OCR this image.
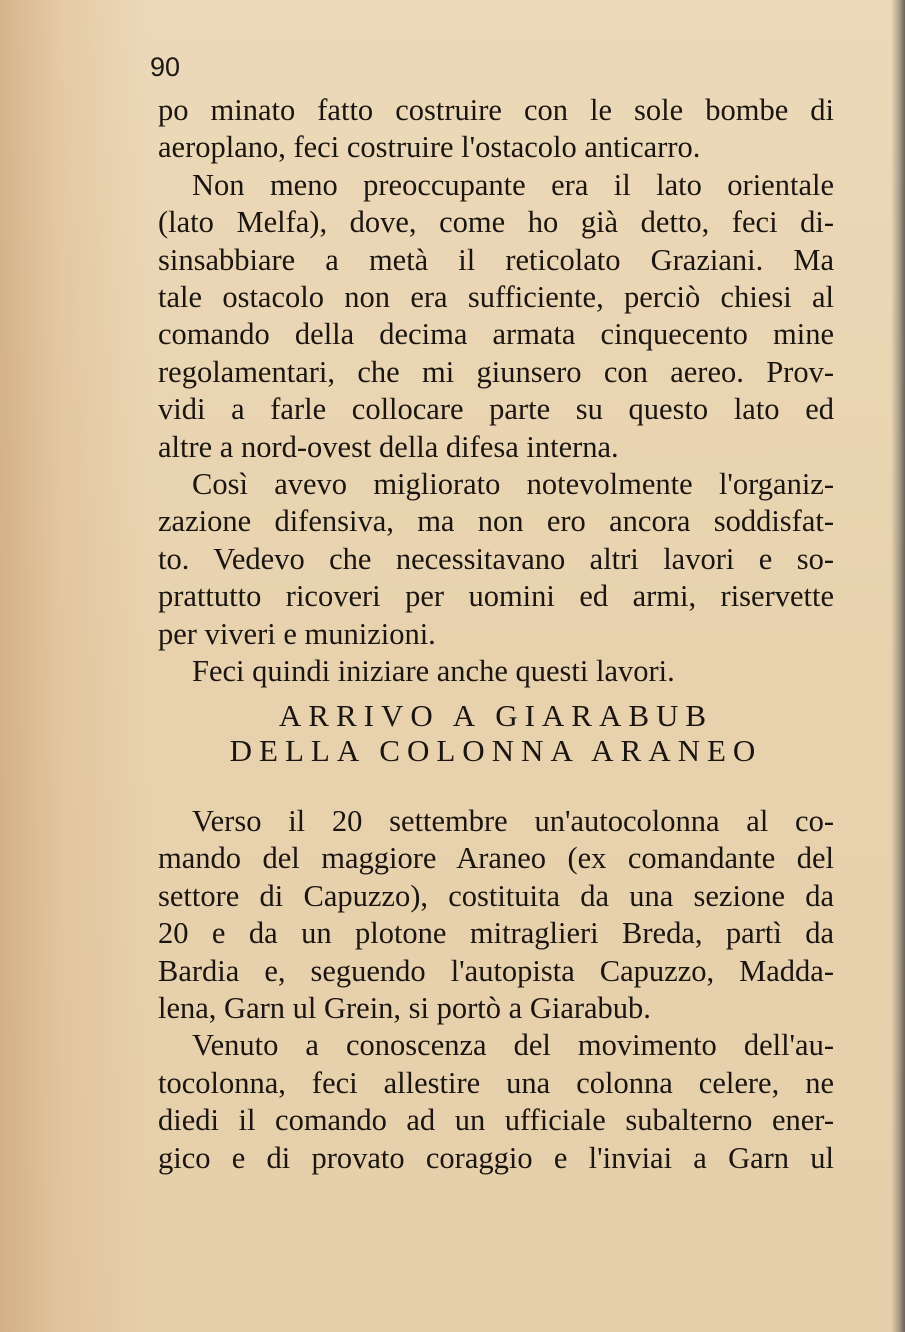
90

po minato fatto costruire con le sole bombe di

aeroplano, feci costruire l'ostacolo anticarro.

Non meno preoccupante era il lato orientale

(lato Melfa), dove, come ho già detto, feci di-

sinsabbiare a metà il reticolato Graziani. Ma

tale ostacolo non era sufficiente, perciò chiesi al

comando della decima armata cinquecento mine

regolamentari, che mi giunsero con aereo. Prov-

vidi a farle collocare parte su questo lato ed

altre a nord-ovest della difesa interna.

Così avevo migliorato notevolmente l'organiz-

zazione difensiva, ma non ero ancora soddisfat-

to. Vedevo che necessitavano altri lavori e so-

prattutto ricoveri per uomini ed armi, riservette

per viveri e munizioni.

Feci quindi iniziare anche questi lavori.

ARRIVO A GIARABUB
DELLA COLONNA ARANEO

Verso il 20 settembre un'autocolonna al co-

mando del maggiore Araneo (ex comandante del

settore di Capuzzo), costituita da una sezione da

20 e da un plotone mitraglieri Breda, partì da

Bardia e, seguendo l'autopista Capuzzo, Madda-

lena, Garn ul Grein, si portò a Giarabub.

Venuto a conoscenza del movimento dell'au-

tocolonna, feci allestire una colonna celere, ne

diedi il comando ad un ufficiale subalterno ener-

gico e di provato coraggio e l'inviai a Garn ul
